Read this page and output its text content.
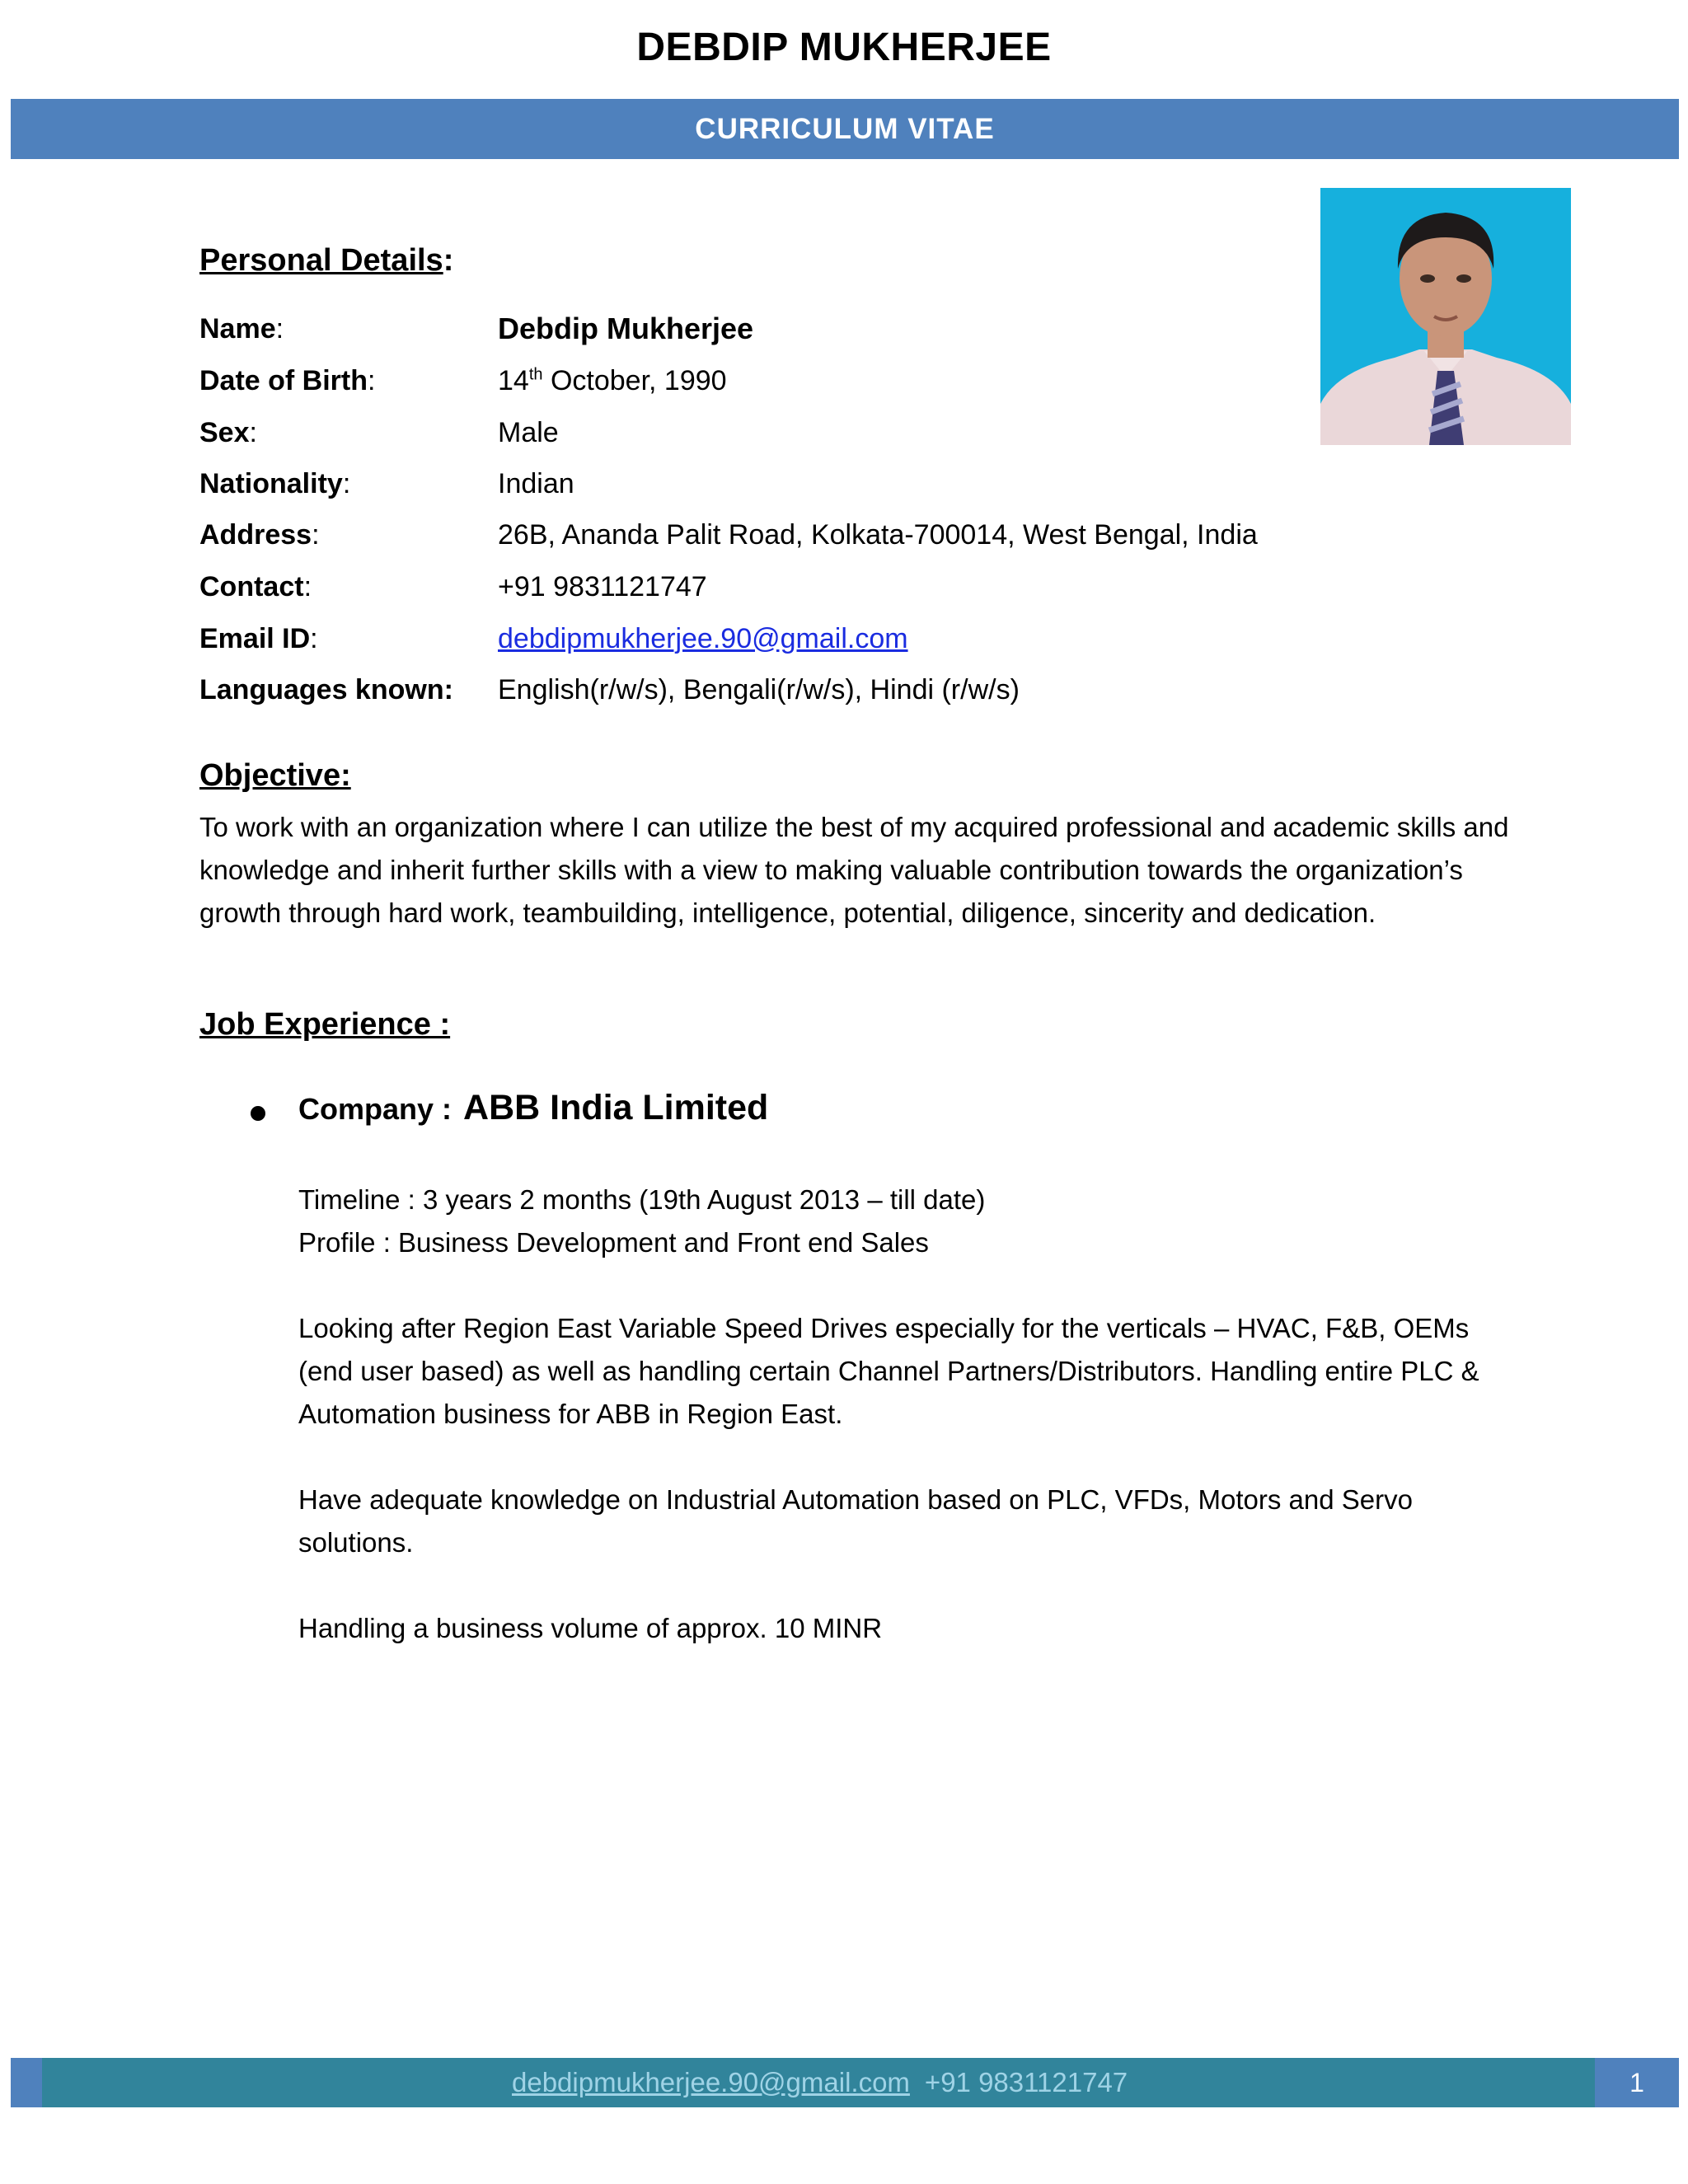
DEBDIP MUKHERJEE
CURRICULUM VITAE
Personal Details:
Name:	Debdip Mukherjee
Date of Birth:	14th October, 1990
Sex:	Male
Nationality:	Indian
Address:	26B, Ananda Palit Road, Kolkata-700014, West Bengal, India
Contact:	+91 9831121747
Email ID:	debdipmukherjee.90@gmail.com
Languages known:	English(r/w/s), Bengali(r/w/s), Hindi (r/w/s)
Objective:
To work with an organization where I can utilize the best of my acquired professional and academic skills and knowledge and inherit further skills with a view to making valuable contribution towards the organization’s growth through hard work, teambuilding, intelligence, potential, diligence, sincerity and dedication.
Job Experience :
Company : ABB India Limited
Timeline : 3 years 2 months (19th August 2013 – till date)
Profile : Business Development and Front end Sales
Looking after Region East Variable Speed Drives especially for the verticals – HVAC, F&B, OEMs (end user based) as well as handling certain Channel Partners/Distributors. Handling entire PLC & Automation business for ABB in Region East.
Have adequate knowledge on Industrial Automation based on PLC, VFDs, Motors and Servo solutions.
Handling a business volume of approx. 10 MINR
debdipmukherjee.90@gmail.com +91 9831121747	1
